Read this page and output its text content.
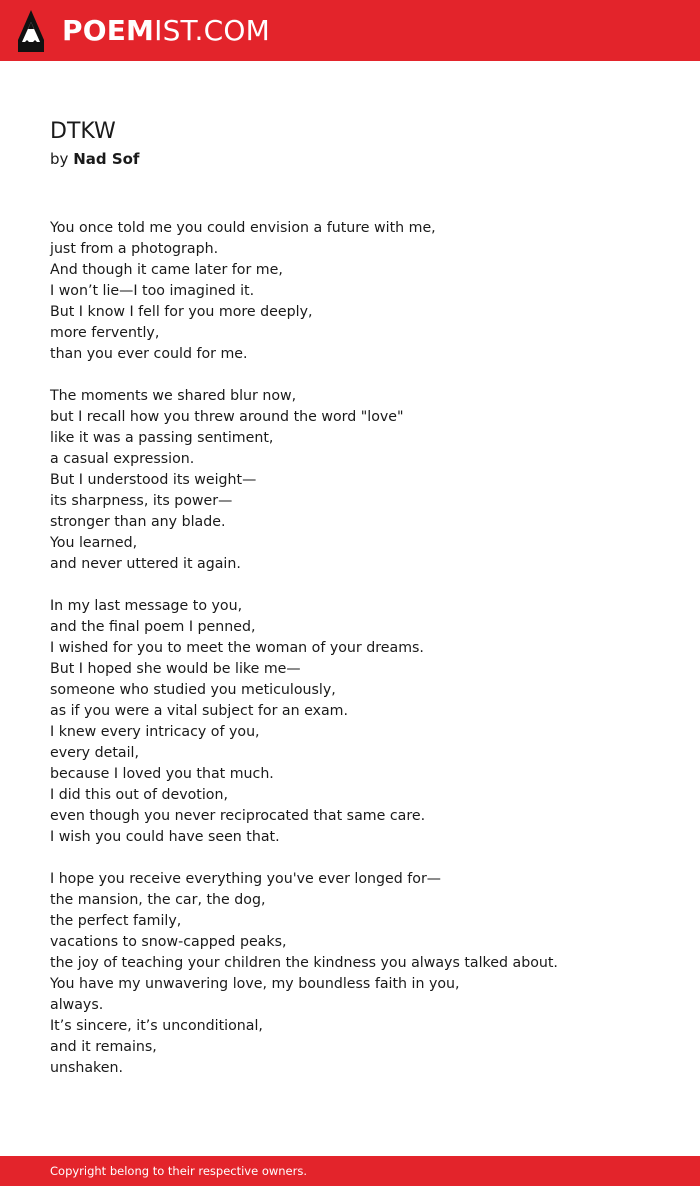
POEMIST.COM
DTKW
by Nad Sof
You once told me you could envision a future with me,
just from a photograph.
And though it came later for me,
I won’t lie—I too imagined it.
But I know I fell for you more deeply,
more fervently,
than you ever could for me.
The moments we shared blur now,
but I recall how you threw around the word "love"
like it was a passing sentiment,
a casual expression.
But I understood its weight—
its sharpness, its power—
stronger than any blade.
You learned,
and never uttered it again.
In my last message to you,
and the final poem I penned,
I wished for you to meet the woman of your dreams.
But I hoped she would be like me—
someone who studied you meticulously,
as if you were a vital subject for an exam.
I knew every intricacy of you,
every detail,
because I loved you that much.
I did this out of devotion,
even though you never reciprocated that same care.
I wish you could have seen that.
I hope you receive everything you've ever longed for—
the mansion, the car, the dog,
the perfect family,
vacations to snow-capped peaks,
the joy of teaching your children the kindness you always talked about.
You have my unwavering love, my boundless faith in you,
always.
It’s sincere, it’s unconditional,
and it remains,
unshaken.
Copyright belong to their respective owners.
